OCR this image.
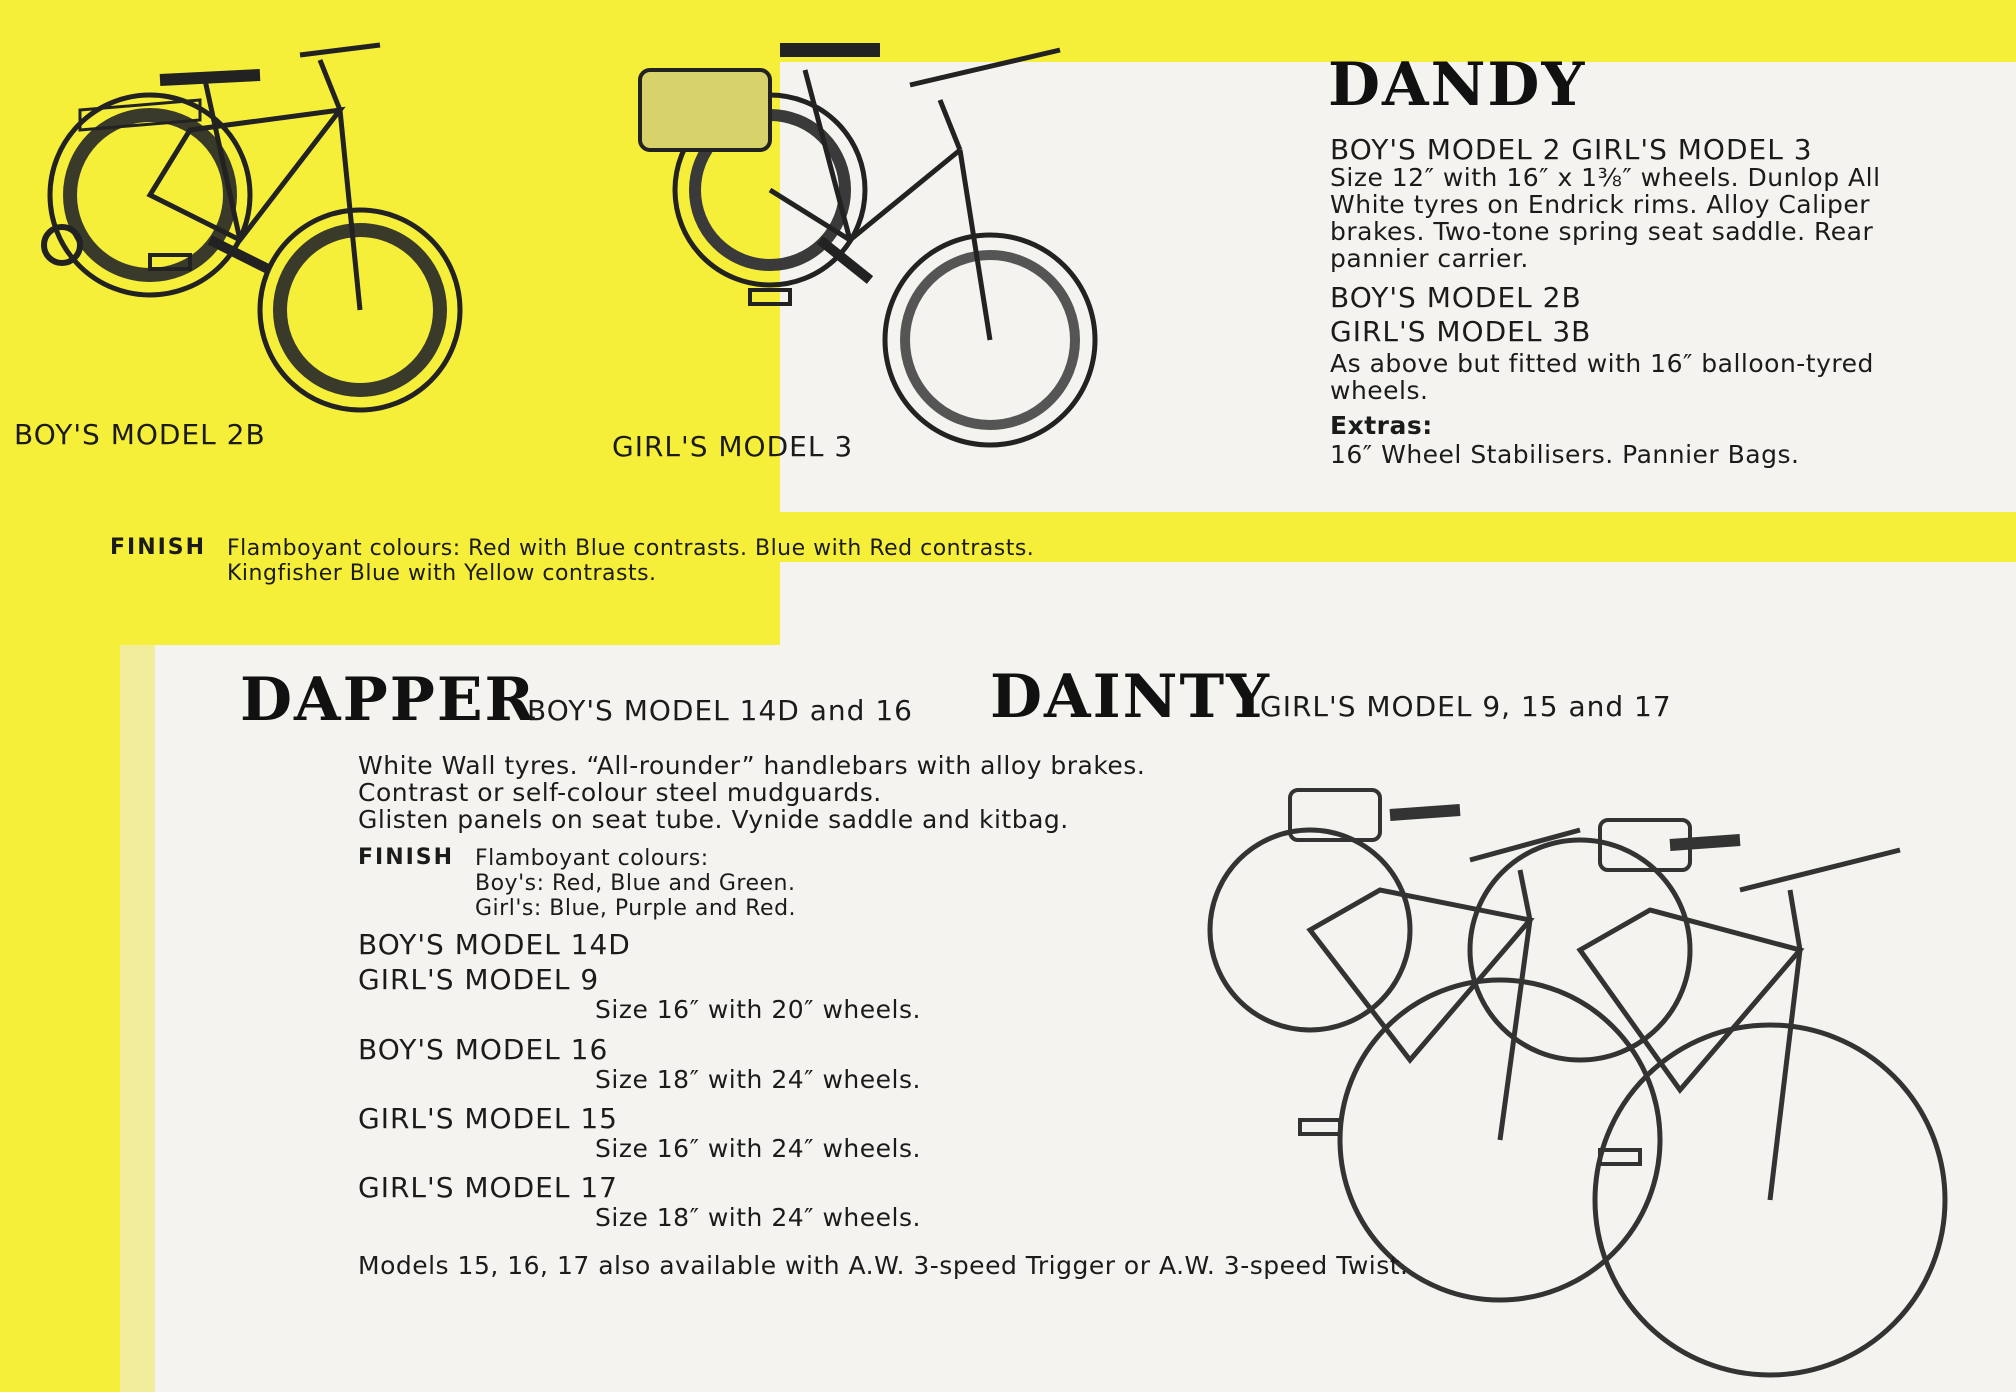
BOY'S MODEL 2B	GIRL'S MODEL 3
DANDY
BOY'S MODEL 2 GIRL'S MODEL 3
Size 12″ with 16″ x 1⅜″ wheels. Dunlop All
White tyres on Endrick rims. Alloy Caliper
brakes. Two-tone spring seat saddle. Rear
pannier carrier.
BOY'S MODEL 2B
GIRL'S MODEL 3B
As above but fitted with 16″ balloon-tyred
wheels.
Extras:
16″ Wheel Stabilisers. Pannier Bags.
FINISH Flamboyant colours: Red with Blue contrasts. Blue with Red contrasts.
Kingfisher Blue with Yellow contrasts.
DAPPER
BOY'S MODEL 14D and 16 DAINTY
GIRL'S MODEL 9, 15 and 17
White Wall tyres. “All-rounder” handlebars with alloy brakes.
Contrast or self-colour steel mudguards.
Glisten panels on seat tube. Vynide saddle and kitbag.
FINISH Flamboyant colours:
Boy's: Red, Blue and Green.
Girl's: Blue, Purple and Red.
BOY'S MODEL 14D
GIRL'S MODEL 9
Size 16″ with 20″ wheels.
BOY'S MODEL 16
Size 18″ with 24″ wheels.
GIRL'S MODEL 15
Size 16″ with 24″ wheels.
GIRL'S MODEL 17
Size 18″ with 24″ wheels.
Models 15, 16, 17 also available with A.W. 3-speed Trigger or A.W. 3-speed Twist.
